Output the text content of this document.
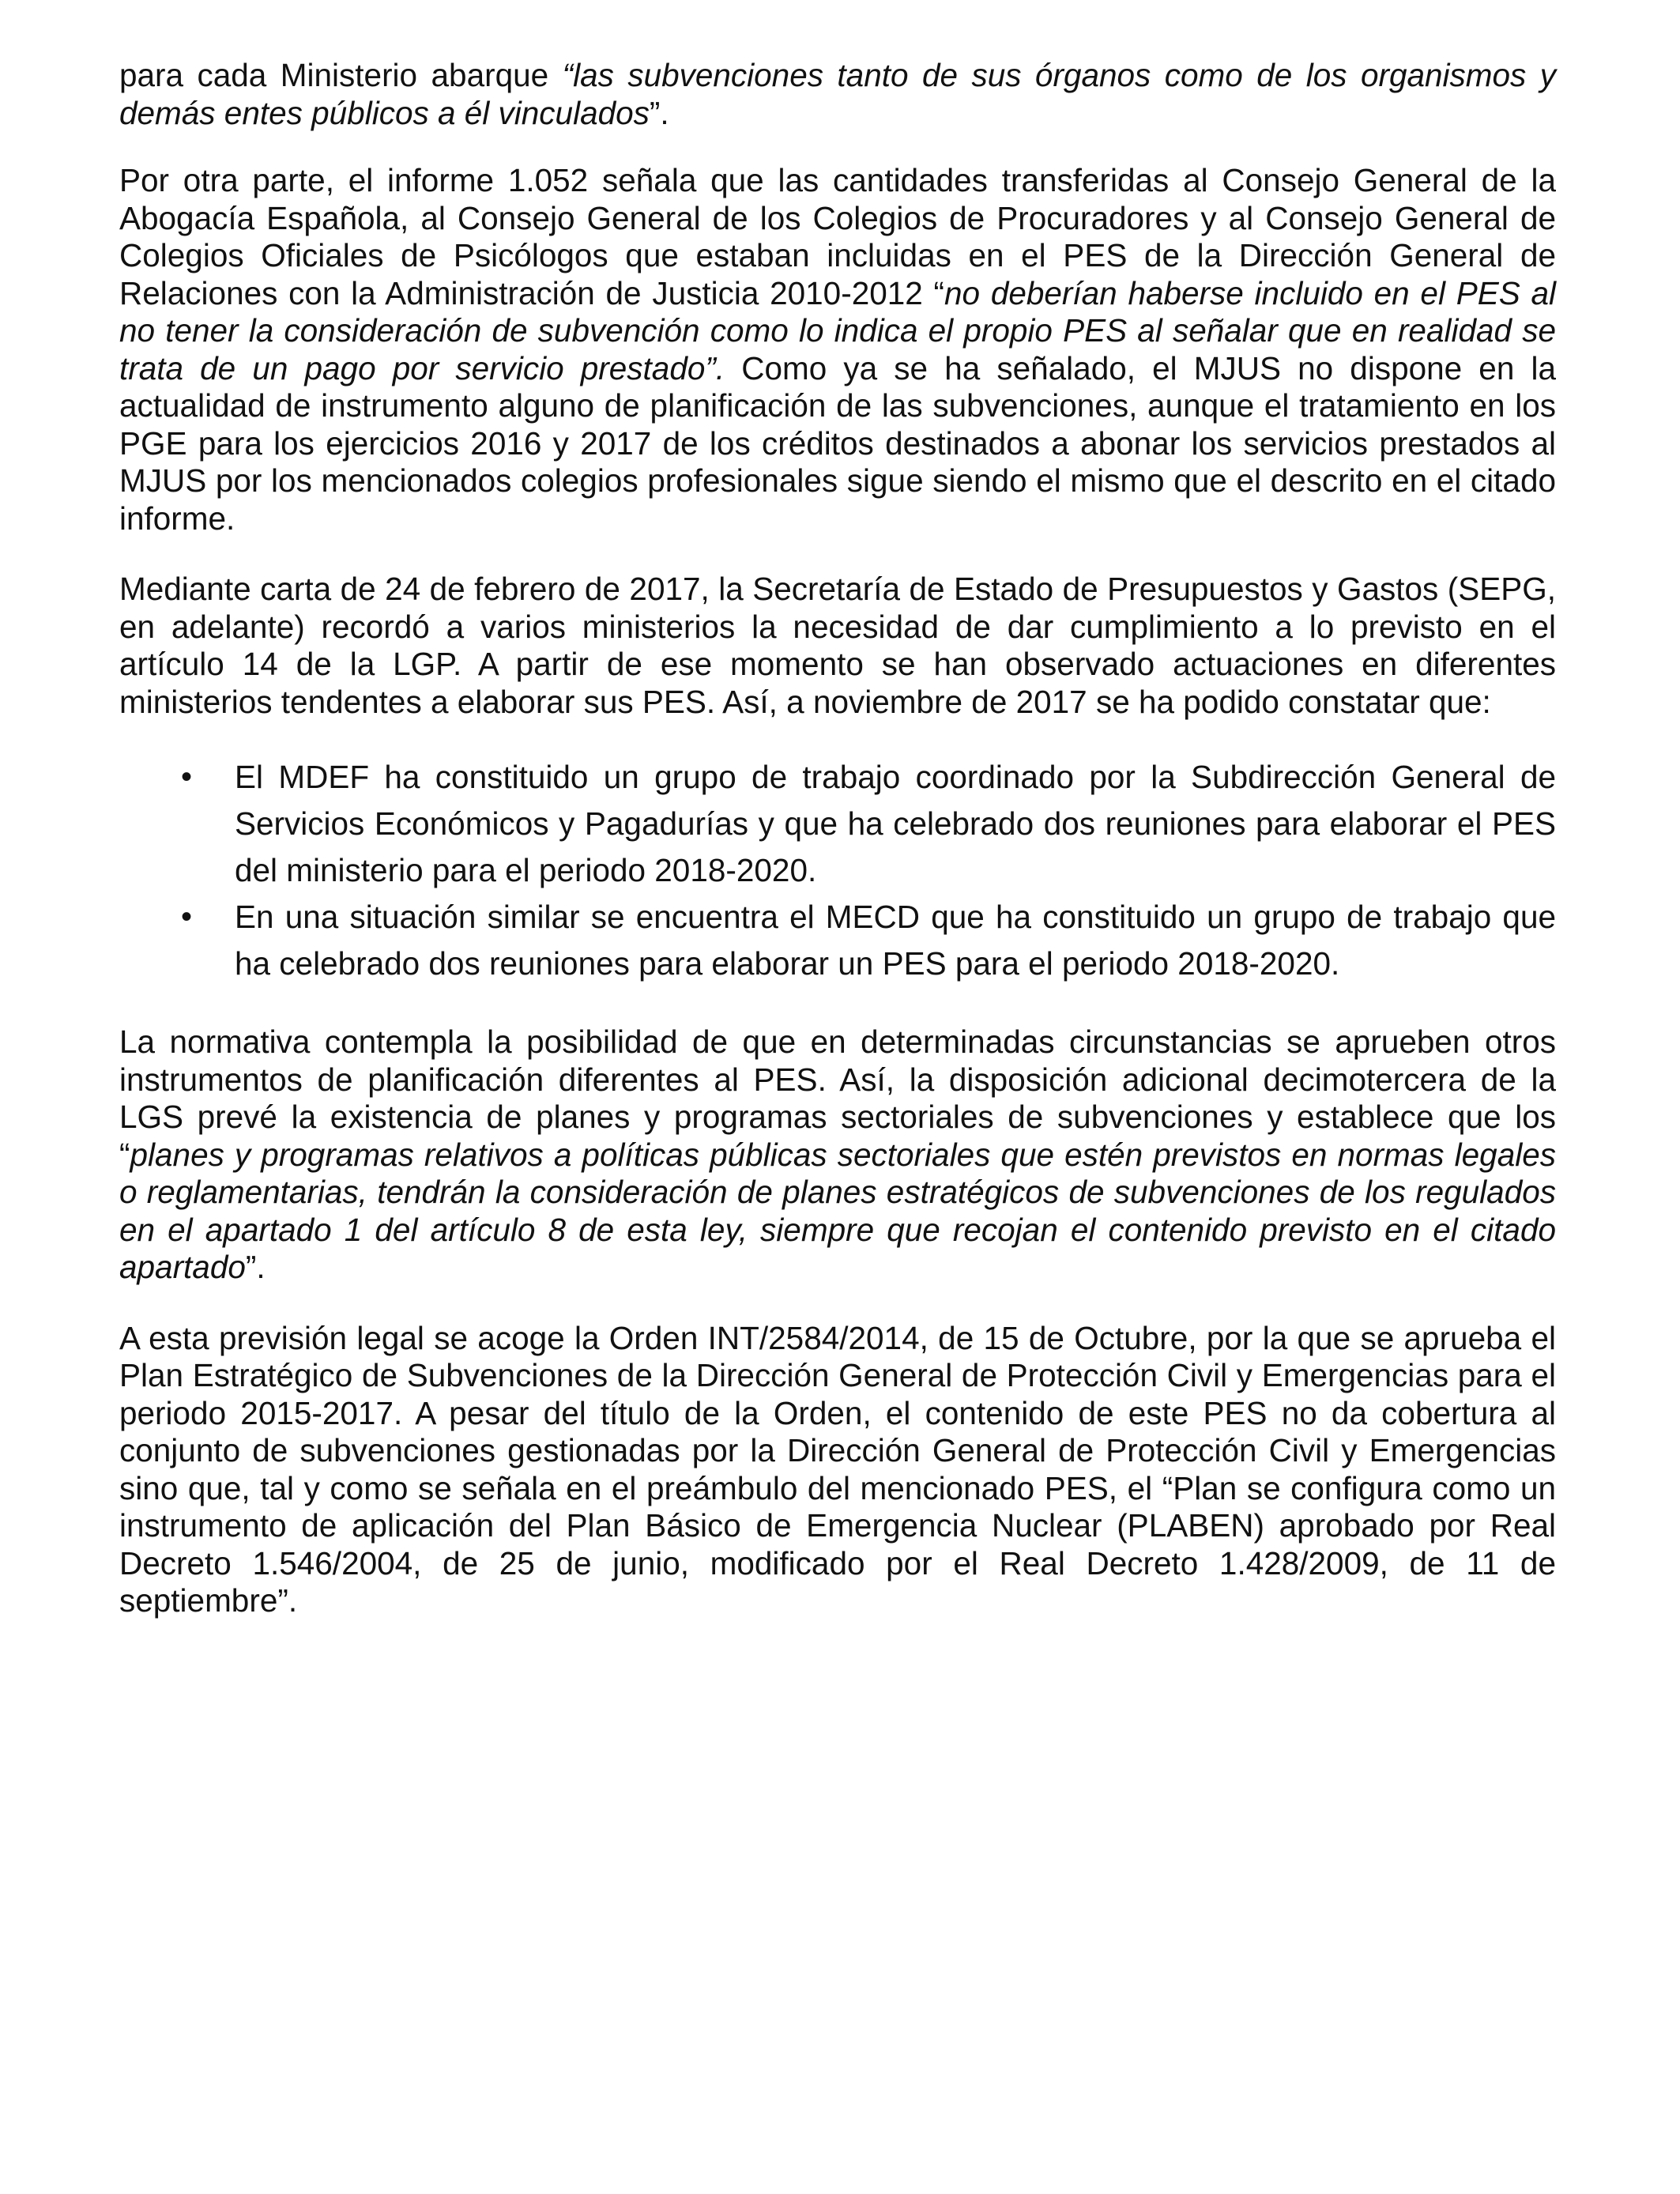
para cada Ministerio abarque “las subvenciones tanto de sus órganos como de los organismos y demás entes públicos a él vinculados”.

Por otra parte, el informe 1.052 señala que las cantidades transferidas al Consejo General de la Abogacía Española, al Consejo General de los Colegios de Procuradores y al Consejo General de Colegios Oficiales de Psicólogos que estaban incluidas en el PES de la Dirección General de Relaciones con la Administración de Justicia 2010-2012 “no deberían haberse incluido en el PES al no tener la consideración de subvención como lo indica el propio PES al señalar que en realidad se trata de un pago por servicio prestado”. Como ya se ha señalado, el MJUS no dispone en la actualidad de instrumento alguno de planificación de las subvenciones, aunque el tratamiento en los PGE para los ejercicios 2016 y 2017 de los créditos destinados a abonar los servicios prestados al MJUS por los mencionados colegios profesionales sigue siendo el mismo que el descrito en el citado informe.

Mediante carta de 24 de febrero de 2017, la Secretaría de Estado de Presupuestos y Gastos (SEPG, en adelante) recordó a varios ministerios la necesidad de dar cumplimiento a lo previsto en el artículo 14 de la LGP. A partir de ese momento se han observado actuaciones en diferentes ministerios tendentes a elaborar sus PES. Así, a noviembre de 2017 se ha podido constatar que:

• El MDEF ha constituido un grupo de trabajo coordinado por la Subdirección General de Servicios Económicos y Pagadurías y que ha celebrado dos reuniones para elaborar el PES del ministerio para el periodo 2018-2020.
• En una situación similar se encuentra el MECD que ha constituido un grupo de trabajo que ha celebrado dos reuniones para elaborar un PES para el periodo 2018-2020.

La normativa contempla la posibilidad de que en determinadas circunstancias se aprueben otros instrumentos de planificación diferentes al PES. Así, la disposición adicional decimotercera de la LGS prevé la existencia de planes y programas sectoriales de subvenciones y establece que los “planes y programas relativos a políticas públicas sectoriales que estén previstos en normas legales o reglamentarias, tendrán la consideración de planes estratégicos de subvenciones de los regulados en el apartado 1 del artículo 8 de esta ley, siempre que recojan el contenido previsto en el citado apartado”.

A esta previsión legal se acoge la Orden INT/2584/2014, de 15 de Octubre, por la que se aprueba el Plan Estratégico de Subvenciones de la Dirección General de Protección Civil y Emergencias para el periodo 2015-2017. A pesar del título de la Orden, el contenido de este PES no da cobertura al conjunto de subvenciones gestionadas por la Dirección General de Protección Civil y Emergencias sino que, tal y como se señala en el preámbulo del mencionado PES, el “Plan se configura como un instrumento de aplicación del Plan Básico de Emergencia Nuclear (PLABEN) aprobado por Real Decreto 1.546/2004, de 25 de junio, modificado por el Real Decreto 1.428/2009, de 11 de septiembre”.
